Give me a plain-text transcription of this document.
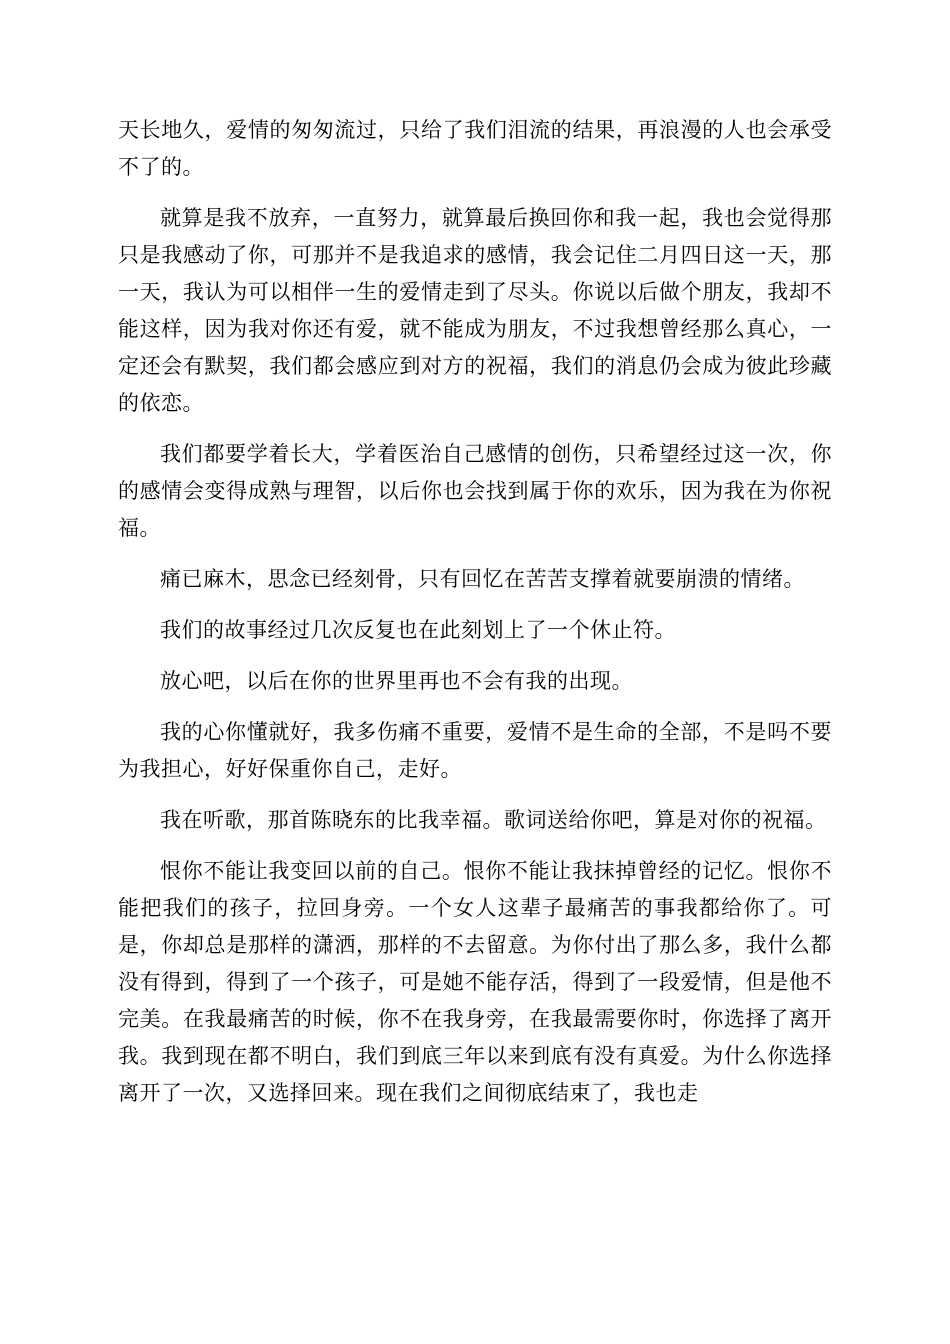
天长地久，爱情的匆匆流过，只给了我们泪流的结果，再浪漫的人也会承受不了的。

就算是我不放弃，一直努力，就算最后换回你和我一起，我也会觉得那只是我感动了你，可那并不是我追求的感情，我会记住二月四日这一天，那一天，我认为可以相伴一生的爱情走到了尽头。你说以后做个朋友，我却不能这样，因为我对你还有爱，就不能成为朋友，不过我想曾经那么真心，一定还会有默契，我们都会感应到对方的祝福，我们的消息仍会成为彼此珍藏的依恋。

我们都要学着长大，学着医治自己感情的创伤，只希望经过这一次，你的感情会变得成熟与理智，以后你也会找到属于你的欢乐，因为我在为你祝福。

痛已麻木，思念已经刻骨，只有回忆在苦苦支撑着就要崩溃的情绪。

我们的故事经过几次反复也在此刻划上了一个休止符。

放心吧，以后在你的世界里再也不会有我的出现。

我的心你懂就好，我多伤痛不重要，爱情不是生命的全部，不是吗不要为我担心，好好保重你自己，走好。

我在听歌，那首陈晓东的比我幸福。歌词送给你吧，算是对你的祝福。

恨你不能让我变回以前的自己。恨你不能让我抹掉曾经的记忆。恨你不能把我们的孩子，拉回身旁。一个女人这辈子最痛苦的事我都给你了。可是，你却总是那样的潇洒，那样的不去留意。为你付出了那么多，我什么都没有得到，得到了一个孩子，可是她不能存活，得到了一段爱情，但是他不完美。在我最痛苦的时候，你不在我身旁，在我最需要你时，你选择了离开我。我到现在都不明白，我们到底三年以来到底有没有真爱。为什么你选择离开了一次，又选择回来。现在我们之间彻底结束了，我也走
